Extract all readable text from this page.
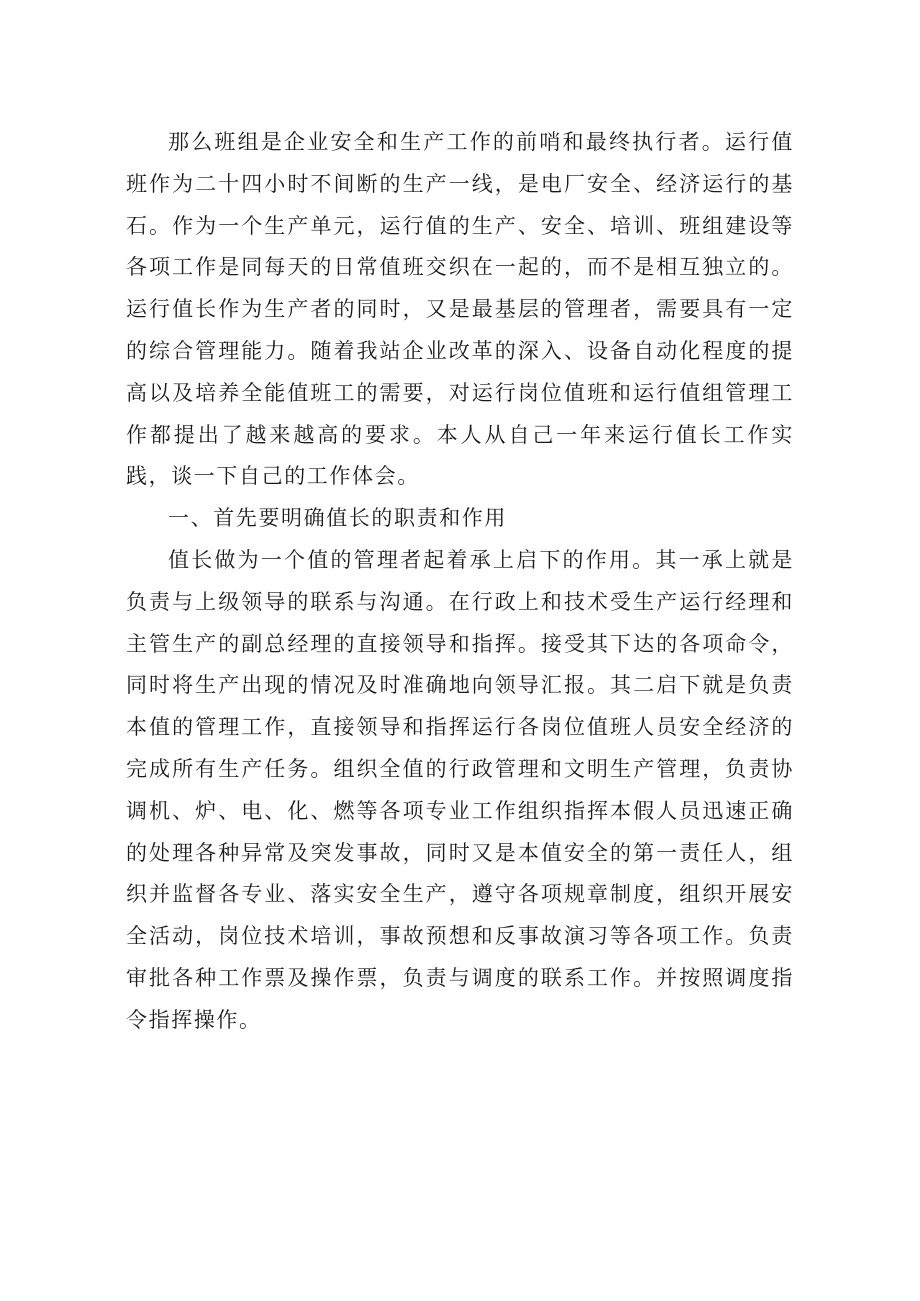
那么班组是企业安全和生产工作的前哨和最终执行者。运行值班作为二十四小时不间断的生产一线，是电厂安全、经济运行的基石。作为一个生产单元，运行值的生产、安全、培训、班组建设等各项工作是同每天的日常值班交织在一起的，而不是相互独立的。运行值长作为生产者的同时，又是最基层的管理者，需要具有一定的综合管理能力。随着我站企业改革的深入、设备自动化程度的提高以及培养全能值班工的需要，对运行岗位值班和运行值组管理工作都提出了越来越高的要求。本人从自己一年来运行值长工作实践，谈一下自己的工作体会。

一、首先要明确值长的职责和作用

值长做为一个值的管理者起着承上启下的作用。其一承上就是负责与上级领导的联系与沟通。在行政上和技术受生产运行经理和主管生产的副总经理的直接领导和指挥。接受其下达的各项命令，同时将生产出现的情况及时准确地向领导汇报。其二启下就是负责本值的管理工作，直接领导和指挥运行各岗位值班人员安全经济的完成所有生产任务。组织全值的行政管理和文明生产管理，负责协调机、炉、电、化、燃等各项专业工作组织指挥本假人员迅速正确的处理各种异常及突发事故，同时又是本值安全的第一责任人，组织并监督各专业、落实安全生产，遵守各项规章制度，组织开展安全活动，岗位技术培训，事故预想和反事故演习等各项工作。负责审批各种工作票及操作票，负责与调度的联系工作。并按照调度指令指挥操作。
